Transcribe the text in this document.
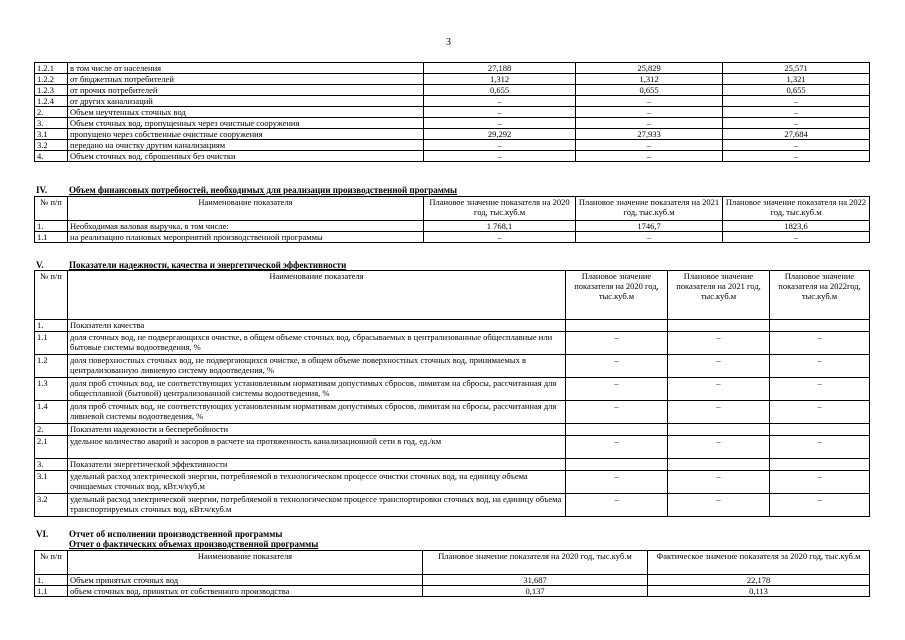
3
1.2.1	в том числе от населения	27,188	25,829	25,571
1.2.2	от бюджетных потребителей	1,312	1,312	1,321
1.2.3	от прочих потребителей	0,655	0,655	0,655
1.2.4	от других канализаций	–	–	–
2.	Объем неучтенных сточных вод	–	–	–
3.	Объем сточных вод, пропущенных через очистные сооружения	–	–	–
3.1	пропущено через собственные очистные сооружения	29,292	27,933	27,684
3.2	передано на очистку другим канализациям	–	–	–
4.	Объем сточных вод, сброшенных без очистки	–	–	–
IV. Объем финансовых потребностей, необходимых для реализации производственной программы
№ п/п	Наименование показателя	Плановое значение показателя на 2020 год, тыс.куб.м	Плановое значение показателя на 2021 год, тыс.куб.м	Плановое значение показателя на 2022 год, тыс.куб.м
1.	Необходимая валовая выручка, в том числе:	1 768,1	1746,7	1823,6
1.1	на реализацию плановых мероприятий производственной программы	–	–	–
V.	Показатели надежности, качества и энергетической эффективности
№ п/п	Наименование показателя	Плановое значение показателя на 2020 год, тыс.куб.м	Плановое значение показателя на 2021 год, тыс.куб.м	Плановое значение показателя на 2022год, тыс.куб.м
1.	Показатели качества			
1.1	доля сточных вод, не подвергающихся очистке, в общем объеме сточных вод, сбрасываемых в централизованные общесплавные или бытовые системы водоотведения, %	–	–	–
1.2	доля поверхностных сточных вод, не подвергающихся очистке, в общем объеме поверхностных сточных вод, принимаемых в централизованную ливневую систему водоотведения, %	–	–	–
1.3	доля проб сточных вод, не соответствующих установленным нормативам допустимых сбросов, лимитам на сбросы, рассчитанная для общесплавной (бытовой) централизованной системы водоотведения, %	–	–	–
1.4	доля проб сточных вод, не соответствующих установленным нормативам допустимых сбросов, лимитам на сбросы, рассчитанная для ливневой системы водоотведения, %	–	–	–
2.	Показатели надежности и бесперебойности			
2.1	удельное количество аварий и засоров в расчете на протяженность канализационной сети в год, ед./км	–	–	–
3.	Показатели энергетической эффективности			
3.1	удельный расход электрической энергии, потребляемой в технологическом процессе очистки сточных вод, на единицу объема очищаемых сточных вод, кВт.ч/куб.м	–	–	–
3.2	удельный расход электрической энергии, потребляемой в технологическом процессе транспортировки сточных вод, на единицу объема транспортируемых сточных вод, кВт.ч/куб.м	–	–	–
VI. Отчет об исполнении производственной программы
Отчет о фактических объемах производственной программы
№ п/п	Наименование показателя	Плановое значение показателя на 2020 год, тыс.куб.м	Фактическое значение показателя за 2020 год, тыс.куб.м
1.	Объем принятых сточных вод	31,687	22,178
1.1	объем сточных вод, принятых от собственного производства	0,137	0,113
